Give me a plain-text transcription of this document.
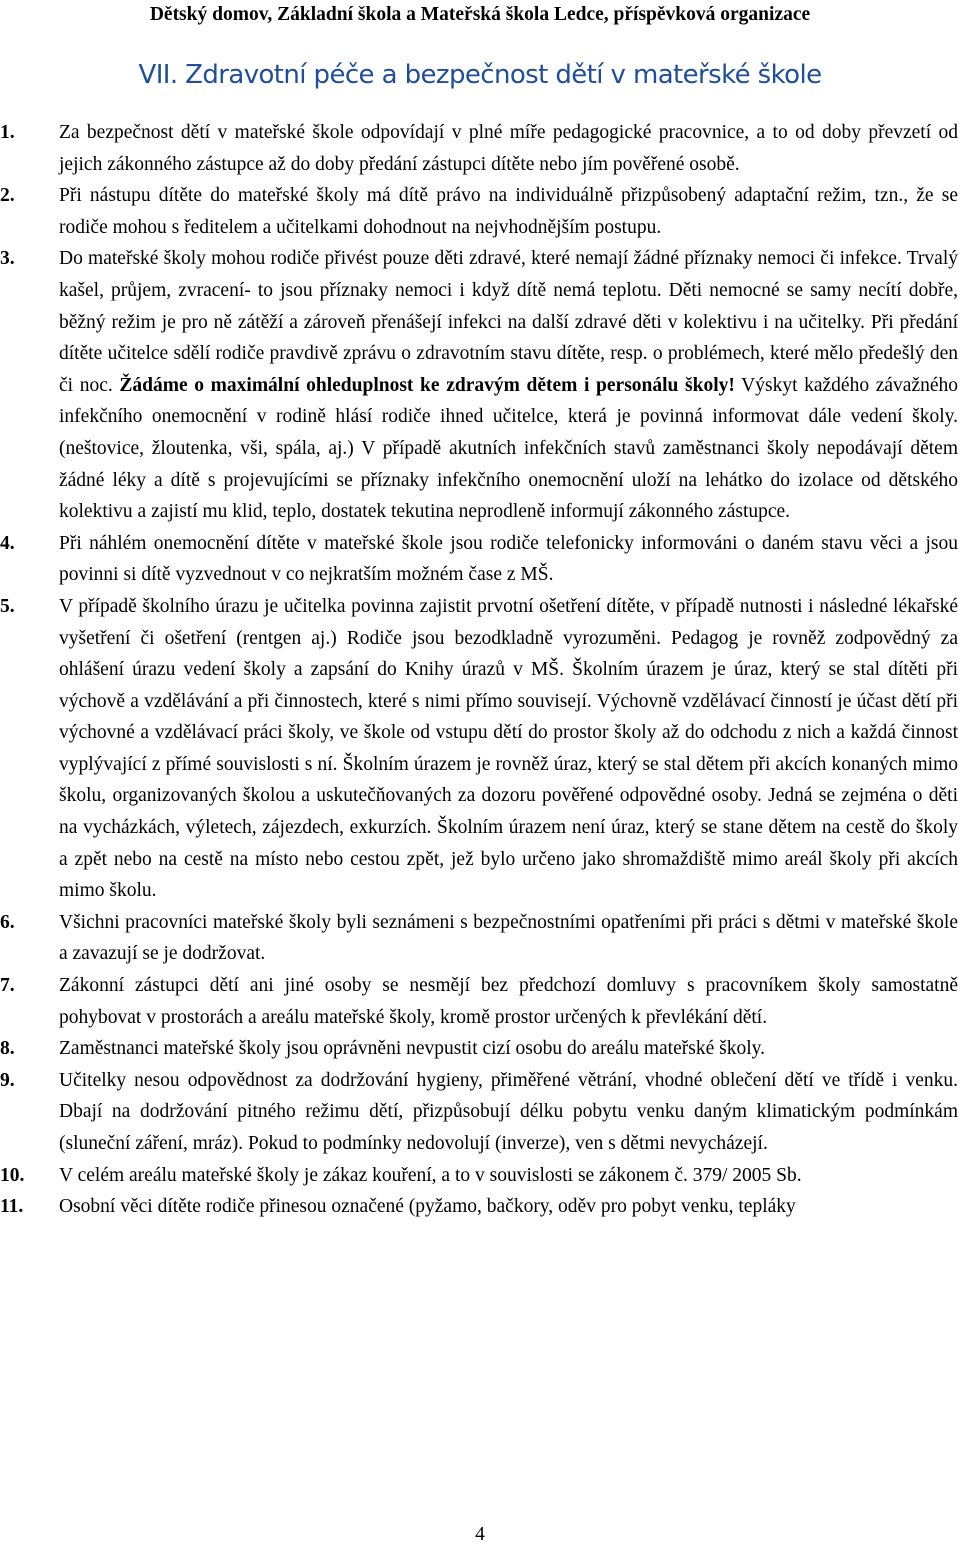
Dětský domov, Základní škola a Mateřská škola Ledce, příspěvková organizace
VII. Zdravotní péče a bezpečnost dětí v mateřské škole
1. Za bezpečnost dětí v mateřské škole odpovídají v plné míře pedagogické pracovnice, a to od doby převzetí od jejich zákonného zástupce až do doby předání zástupci dítěte nebo jím pověřené osobě.
2. Při nástupu dítěte do mateřské školy má dítě právo na individuálně přizpůsobený adaptační režim, tzn., že se rodiče mohou s ředitelem a učitelkami dohodnout na nejvhodnějším postupu.
3. Do mateřské školy mohou rodiče přivést pouze děti zdravé, které nemají žádné příznaky nemoci či infekce. Trvalý kašel, průjem, zvracení- to jsou příznaky nemoci i když dítě nemá teplotu. Děti nemocné se samy necítí dobře, běžný režim je pro ně zátěží a zároveň přenášejí infekci na další zdravé děti v kolektivu i na učitelky. Při předání dítěte učitelce sdělí rodiče pravdivě zprávu o zdravotním stavu dítěte, resp. o problémech, které mělo předešlý den či noc. Žádáme o maximální ohleduplnost ke zdravým dětem i personálu školy! Výskyt každého závažného infekčního onemocnění v rodině hlásí rodiče ihned učitelce, která je povinná informovat dále vedení školy. (neštovice, žloutenka, vši, spála, aj.) V případě akutních infekčních stavů zaměstnanci školy nepodávají dětem žádné léky a dítě s projevujícími se příznaky infekčního onemocnění uloží na lehátko do izolace od dětského kolektivu a zajistí mu klid, teplo, dostatek tekutina neprodleně informují zákonného zástupce.
4. Při náhlém onemocnění dítěte v mateřské škole jsou rodiče telefonicky informováni o daném stavu věci a jsou povinni si dítě vyzvednout v co nejkratším možném čase z MŠ.
5. V případě školního úrazu je učitelka povinna zajistit prvotní ošetření dítěte, v případě nutnosti i následné lékařské vyšetření či ošetření (rentgen aj.) Rodiče jsou bezodkladně vyrozuměni. Pedagog je rovněž zodpovědný za ohlášení úrazu vedení školy a zapsání do Knihy úrazů v MŠ. Školním úrazem je úraz, který se stal dítěti při výchově a vzdělávání a při činnostech, které s nimi přímo souvisejí. Výchovně vzdělávací činností je účast dětí při výchovné a vzdělávací práci školy, ve škole od vstupu dětí do prostor školy až do odchodu z nich a každá činnost vyplývající z přímé souvislosti s ní. Školním úrazem je rovněž úraz, který se stal dětem při akcích konaných mimo školu, organizovaných školou a uskutečňovaných za dozoru pověřené odpovědné osoby. Jedná se zejména o děti na vycházkách, výletech, zájezdech, exkurzích. Školním úrazem není úraz, který se stane dětem na cestě do školy a zpět nebo na cestě na místo nebo cestou zpět, jež bylo určeno jako shromaždiště mimo areál školy při akcích mimo školu.
6. Všichni pracovníci mateřské školy byli seznámeni s bezpečnostními opatřeními při práci s dětmi v mateřské škole a zavazují se je dodržovat.
7. Zákonní zástupci dětí ani jiné osoby se nesmějí bez předchozí domluvy s pracovníkem školy samostatně pohybovat v prostorách a areálu mateřské školy, kromě prostor určených k převlékání dětí.
8. Zaměstnanci mateřské školy jsou oprávněni nevpustit cizí osobu do areálu mateřské školy.
9. Učitelky nesou odpovědnost za dodržování hygieny, přiměřené větrání, vhodné oblečení dětí ve třídě i venku. Dbají na dodržování pitného režimu dětí, přizpůsobují délku pobytu venku daným klimatickým podmínkám (sluneční záření, mráz). Pokud to podmínky nedovolují (inverze), ven s dětmi nevycházejí.
10. V celém areálu mateřské školy je zákaz kouření, a to v souvislosti se zákonem č. 379/ 2005 Sb.
11. Osobní věci dítěte rodiče přinesou označené (pyžamo, bačkory, oděv pro pobyt venku, tepláky
4
